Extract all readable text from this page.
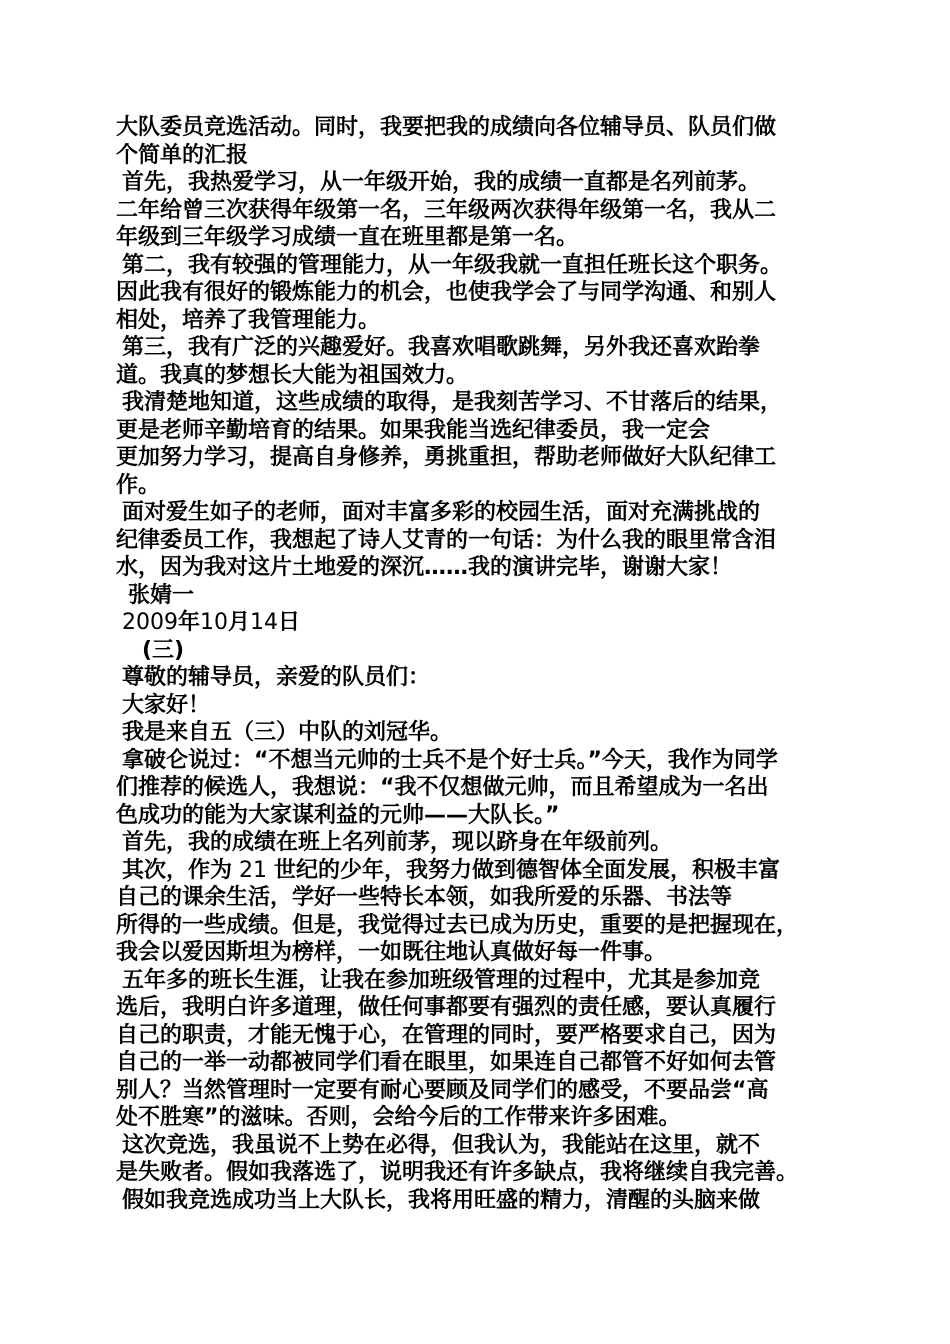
大队委员竞选活动。同时，我要把我的成绩向各位辅导员、队员们做
个简单的汇报
首先，我热爱学习，从一年级开始，我的成绩一直都是名列前茅。
二年给曾三次获得年级第一名，三年级两次获得年级第一名，我从二
年级到三年级学习成绩一直在班里都是第一名。
第二，我有较强的管理能力，从一年级我就一直担任班长这个职务。
因此我有很好的锻炼能力的机会，也使我学会了与同学沟通、和别人
相处，培养了我管理能力。
第三，我有广泛的兴趣爱好。我喜欢唱歌跳舞，另外我还喜欢跆拳
道。我真的梦想长大能为祖国效力。
我清楚地知道，这些成绩的取得，是我刻苦学习、不甘落后的结果，
更是老师辛勤培育的结果。如果我能当选纪律委员，我一定会
更加努力学习，提高自身修养，勇挑重担，帮助老师做好大队纪律工
作。
面对爱生如子的老师，面对丰富多彩的校园生活，面对充满挑战的
纪律委员工作，我想起了诗人艾青的一句话：为什么我的眼里常含泪
水，因为我对这片土地爱的深沉……我的演讲完毕，谢谢大家！
张婧一
2009年10月14日
(三)
尊敬的辅导员，亲爱的队员们：
大家好！
我是来自五（三）中队的刘冠华。
拿破仑说过：“不想当元帅的士兵不是个好士兵。”今天，我作为同学
们推荐的候选人，我想说：“我不仅想做元帅，而且希望成为一名出
色成功的能为大家谋利益的元帅——大队长。”
首先，我的成绩在班上名列前茅，现以跻身在年级前列。
其次，作为 21 世纪的少年，我努力做到德智体全面发展，积极丰富
自己的课余生活，学好一些特长本领，如我所爱的乐器、书法等
所得的一些成绩。但是，我觉得过去已成为历史，重要的是把握现在，
我会以爱因斯坦为榜样，一如既往地认真做好每一件事。
五年多的班长生涯，让我在参加班级管理的过程中，尤其是参加竞
选后，我明白许多道理，做任何事都要有强烈的责任感，要认真履行
自己的职责，才能无愧于心，在管理的同时，要严格要求自己，因为
自己的一举一动都被同学们看在眼里，如果连自己都管不好如何去管
别人？当然管理时一定要有耐心要顾及同学们的感受，不要品尝“高
处不胜寒”的滋味。否则，会给今后的工作带来许多困难。
这次竞选，我虽说不上势在必得，但我认为，我能站在这里，就不
是失败者。假如我落选了，说明我还有许多缺点，我将继续自我完善。
假如我竞选成功当上大队长，我将用旺盛的精力，清醒的头脑来做
